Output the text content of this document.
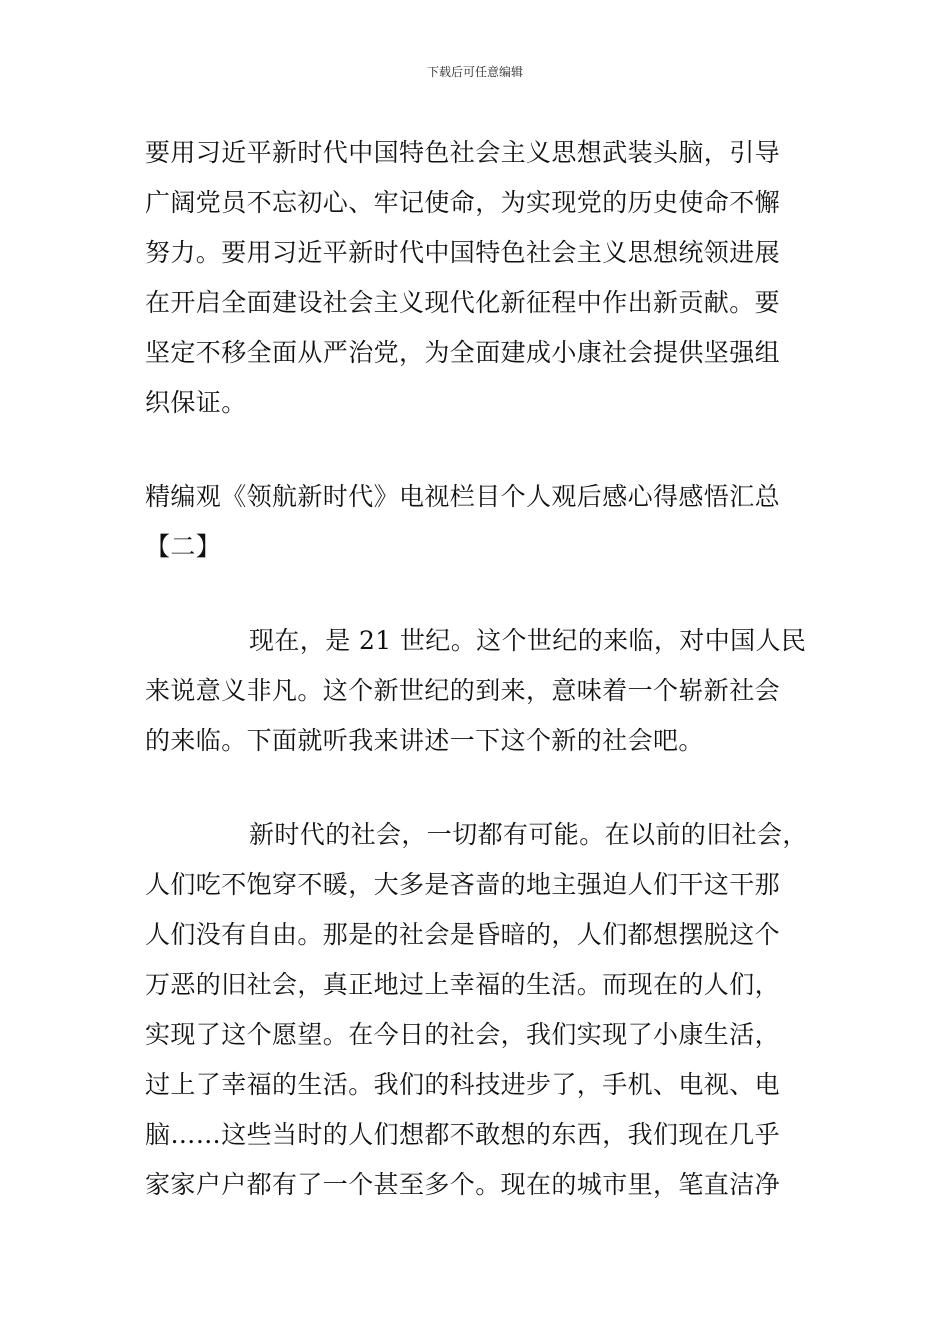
下载后可任意编辑
要用习近平新时代中国特色社会主义思想武装头脑，引导
广阔党员不忘初心、牢记使命，为实现党的历史使命不懈
努力。要用习近平新时代中国特色社会主义思想统领进展
在开启全面建设社会主义现代化新征程中作出新贡献。要
坚定不移全面从严治党，为全面建成小康社会提供坚强组
织保证。
精编观《领航新时代》电视栏目个人观后感心得感悟汇总
【二】
现在，是 21 世纪。这个世纪的来临，对中国人民
来说意义非凡。这个新世纪的到来，意味着一个崭新社会
的来临。下面就听我来讲述一下这个新的社会吧。
新时代的社会，一切都有可能。在以前的旧社会，
人们吃不饱穿不暖，大多是吝啬的地主强迫人们干这干那
人们没有自由。那是的社会是昏暗的，人们都想摆脱这个
万恶的旧社会，真正地过上幸福的生活。而现在的人们，
实现了这个愿望。在今日的社会，我们实现了小康生活，
过上了幸福的生活。我们的科技进步了，手机、电视、电
脑……这些当时的人们想都不敢想的东西，我们现在几乎
家家户户都有了一个甚至多个。现在的城市里，笔直洁净
